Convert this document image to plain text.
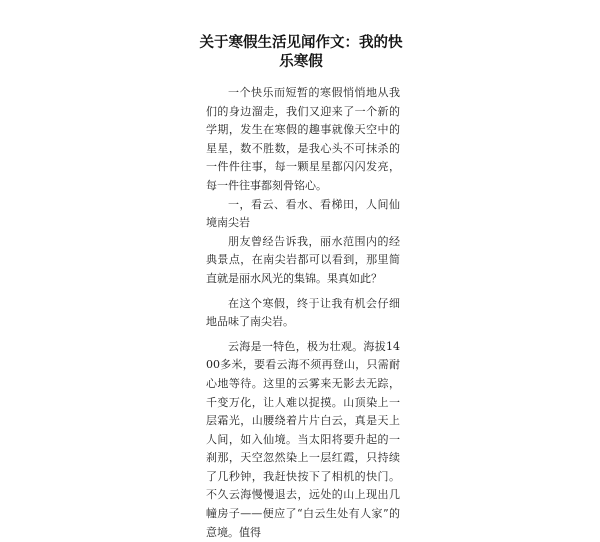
关于寒假生活见闻作文：我的快乐寒假

一个快乐而短暂的寒假悄悄地从我们的身边溜走，我们又迎来了一个新的学期，发生在寒假的趣事就像天空中的星星，数不胜数，是我心头不可抹杀的一件件往事，每一颗星星都闪闪发亮，每一件往事都刻骨铭心。

一，看云、看水、看梯田，人间仙境南尖岩

朋友曾经告诉我，丽水范围内的经典景点，在南尖岩都可以看到，那里简直就是丽水风光的集锦。果真如此？

在这个寒假，终于让我有机会仔细地品味了南尖岩。

云海是一特色，极为壮观。海拔1400多米，要看云海不须再登山，只需耐心地等待。这里的云雾来无影去无踪，千变万化，让人难以捉摸。山顶染上一层霜光，山腰绕着片片白云，真是天上人间，如入仙境。当太阳将要升起的一刹那，天空忽然染上一层红霞，只持续了几秒钟，我赶快按下了相机的快门。不久云海慢慢退去，远处的山上现出几幢房子——便应了“白云生处有人家”的意境。值得
